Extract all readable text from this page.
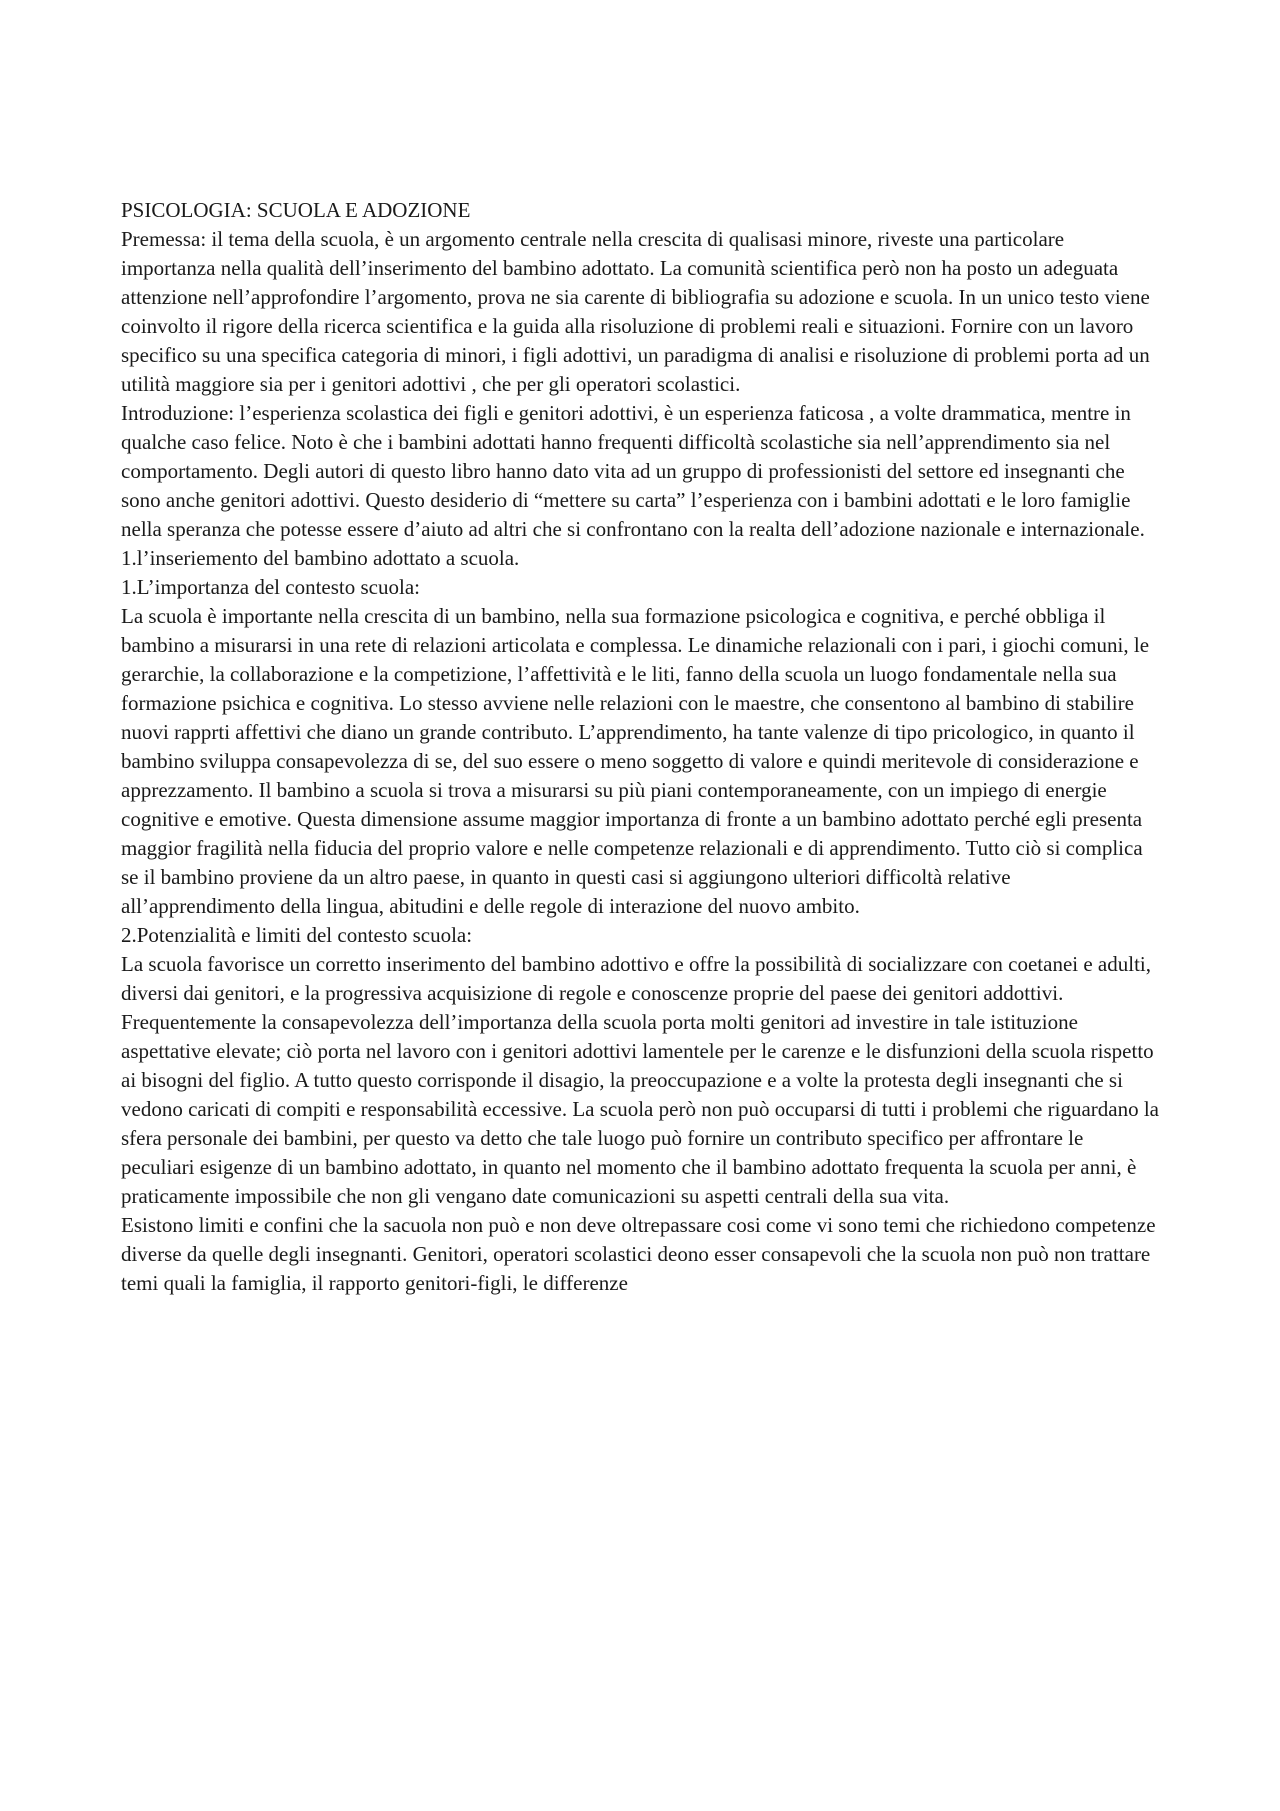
PSICOLOGIA: SCUOLA E ADOZIONE

Premessa: il tema della scuola, è un argomento centrale nella crescita di qualisasi minore, riveste una particolare importanza nella qualità dell’inserimento del bambino adottato. La comunità scientifica però non ha posto un adeguata attenzione nell’approfondire l’argomento, prova ne sia carente di bibliografia su adozione e scuola. In un unico testo viene coinvolto il rigore della ricerca scientifica e la guida alla risoluzione di problemi reali e situazioni. Fornire con un lavoro specifico su una specifica categoria di minori, i figli adottivi, un paradigma di analisi e risoluzione di problemi porta ad un utilità maggiore sia per i genitori adottivi , che per gli operatori scolastici.

Introduzione: l’esperienza scolastica dei figli e genitori adottivi, è un esperienza faticosa , a volte drammatica, mentre in qualche caso felice. Noto è che i bambini adottati hanno frequenti difficoltà scolastiche sia nell’apprendimento sia nel comportamento. Degli autori di questo libro hanno dato vita ad un gruppo di professionisti del settore ed insegnanti che sono anche genitori adottivi. Questo desiderio di “mettere su carta” l’esperienza con i bambini adottati e le loro famiglie nella speranza che potesse essere d’aiuto ad altri che si confrontano con la realta dell’adozione nazionale e internazionale.

1.l’inseriemento del bambino adottato a scuola.

1.L’importanza del contesto scuola:

La scuola è importante nella crescita di un bambino, nella sua formazione psicologica e cognitiva, e perché obbliga il bambino a misurarsi in una rete di relazioni articolata e complessa. Le dinamiche relazionali con i pari, i giochi comuni, le gerarchie, la collaborazione e la competizione, l’affettività e le liti, fanno della scuola un luogo fondamentale nella sua formazione psichica e cognitiva. Lo stesso avviene nelle relazioni con le maestre, che consentono al bambino di stabilire nuovi rapprti affettivi che diano un grande contributo. L’apprendimento, ha tante valenze di tipo pricologico, in quanto il bambino sviluppa consapevolezza di se, del suo essere o meno soggetto di valore e quindi meritevole di considerazione e apprezzamento. Il bambino a scuola si trova a misurarsi su più piani contemporaneamente, con un impiego di energie cognitive e emotive. Questa dimensione assume maggior importanza di fronte a un bambino adottato perché egli presenta maggior fragilità nella fiducia del proprio valore e nelle competenze relazionali e di apprendimento. Tutto ciò si complica se il bambino proviene da un altro paese, in quanto in questi casi si aggiungono ulteriori difficoltà relative all’apprendimento della lingua, abitudini e delle regole di interazione del nuovo ambito.

2.Potenzialità e limiti del contesto scuola:

La scuola favorisce un corretto inserimento del bambino adottivo e offre la possibilità di socializzare con coetanei e adulti, diversi dai genitori, e la progressiva acquisizione di regole e conoscenze proprie del paese dei genitori addottivi. Frequentemente la consapevolezza dell’importanza della scuola porta molti genitori ad investire in tale istituzione aspettative elevate; ciò porta nel lavoro con i genitori adottivi lamentele per le carenze e le disfunzioni della scuola rispetto ai bisogni del figlio. A tutto questo corrisponde il disagio, la preoccupazione e a volte la protesta degli insegnanti che si vedono caricati di compiti e responsabilità eccessive. La scuola però non può occuparsi di tutti i problemi che riguardano la sfera personale dei bambini, per questo va detto che tale luogo può fornire un contributo specifico per affrontare le peculiari esigenze di un bambino adottato, in quanto nel momento che il bambino adottato frequenta la scuola per anni, è praticamente impossibile che non gli vengano date comunicazioni su aspetti centrali della sua vita.

Esistono limiti e confini che la sacuola non può e non deve oltrepassare cosi come vi sono temi che richiedono competenze diverse da quelle degli insegnanti. Genitori, operatori scolastici deono esser consapevoli che la scuola non può non trattare temi quali la famiglia, il rapporto genitori-figli, le differenze
